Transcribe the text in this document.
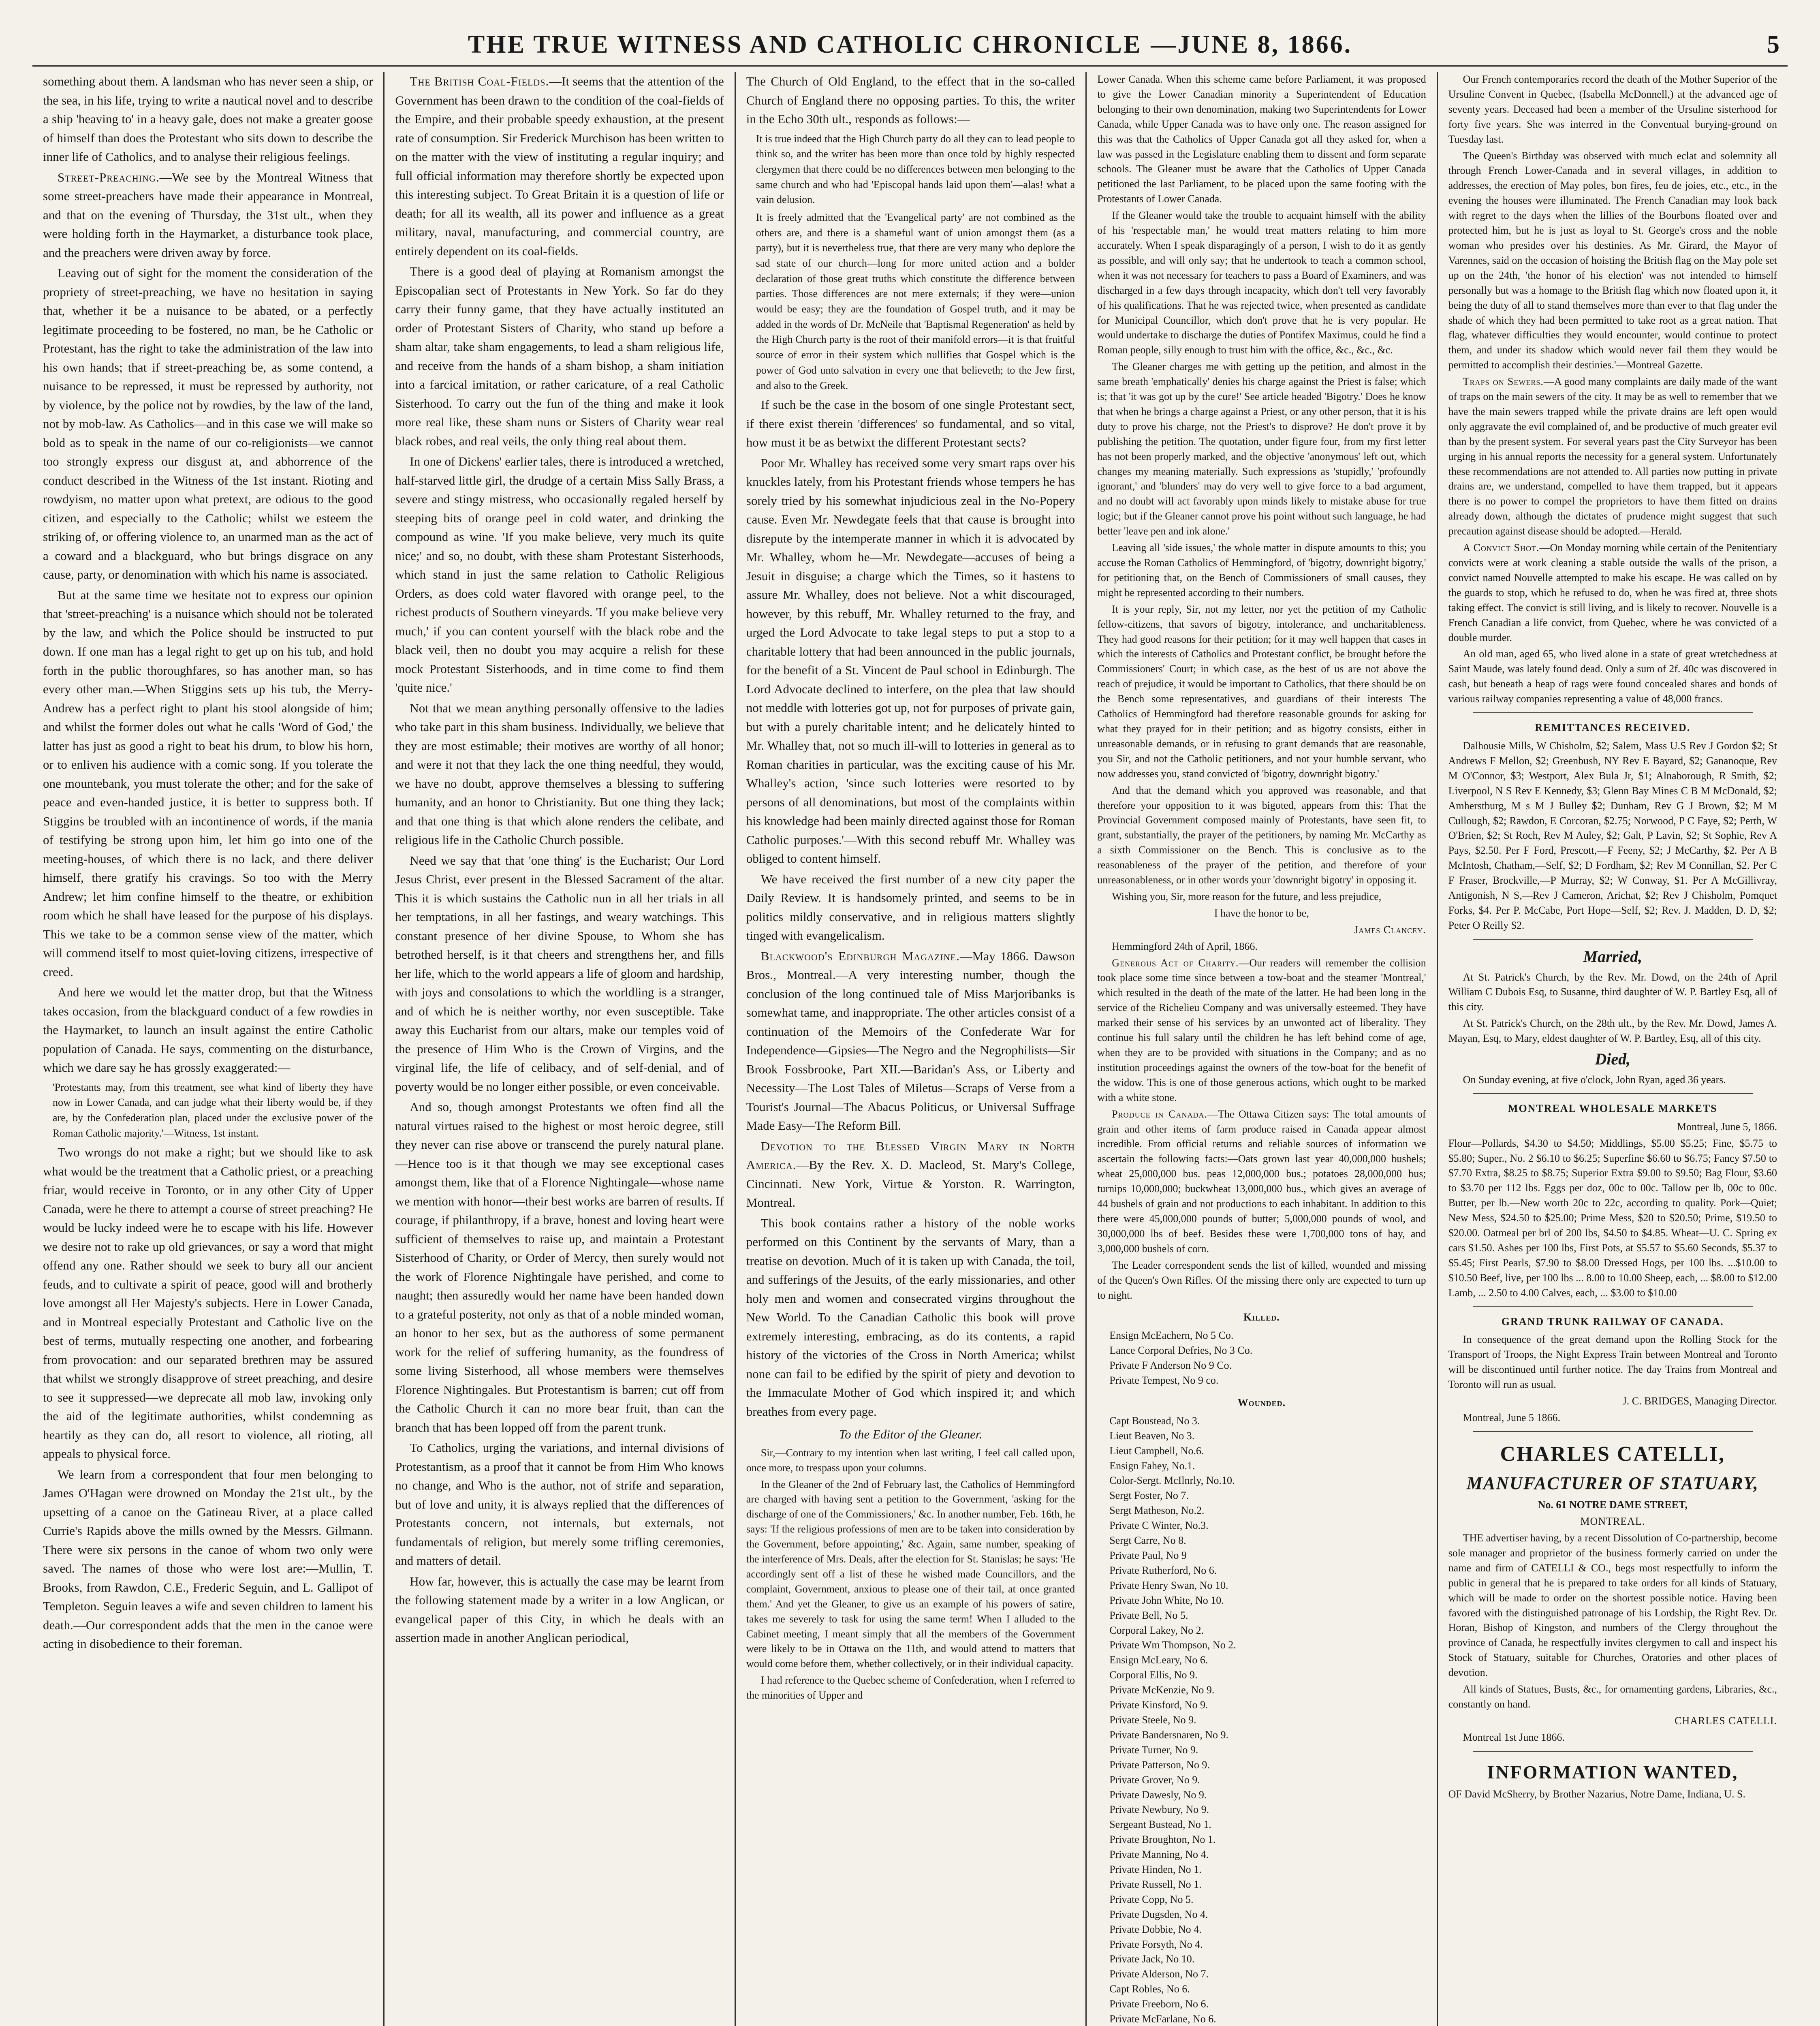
THE TRUE WITNESS AND CATHOLIC CHRONICLE —JUNE 8, 1866.	5

something about them. A landsman who has never seen a ship, or the sea, in his life, trying to write a nautical novel and to describe a ship 'heaving to' in a heavy gale, does not make a greater goose of himself than does the Protestant who sits down to describe the inner life of Catholics, and to analyse their religious feelings.

Street-Preaching.—We see by the Montreal Witness that some street-preachers have made their appearance in Montreal, and that on the evening of Thursday, the 31st ult., when they were holding forth in the Haymarket, a disturbance took place, and the preachers were driven away by force.

Leaving out of sight for the moment the consideration of the propriety of street-preaching, we have no hesitation in saying that, whether it be a nuisance to be abated, or a perfectly legitimate proceeding to be fostered, no man, be he Catholic or Protestant, has the right to take the administration of the law into his own hands; that if street-preaching be, as some contend, a nuisance to be repressed, it must be repressed by authority, not by violence, by the police not by rowdies, by the law of the land, not by mob-law. As Catholics—and in this case we will make so bold as to speak in the name of our co-religionists—we cannot too strongly express our disgust at, and abhorrence of the conduct described in the Witness of the 1st instant. Rioting and rowdyism, no matter upon what pretext, are odious to the good citizen, and especially to the Catholic; whilst we esteem the striking of, or offering violence to, an unarmed man as the act of a coward and a blackguard, who but brings disgrace on any cause, party, or denomination with which his name is associated.

But at the same time we hesitate not to express our opinion that 'street-preaching' is a nuisance which should not be tolerated by the law, and which the Police should be instructed to put down. If one man has a legal right to get up on his tub, and hold forth in the public thoroughfares, so has another man, so has every other man.—When Stiggins sets up his tub, the Merry-Andrew has a perfect right to plant his stool alongside of him; and whilst the former doles out what he calls 'Word of God,' the latter has just as good a right to beat his drum, to blow his horn, or to enliven his audience with a comic song. If you tolerate the one mountebank, you must tolerate the other; and for the sake of peace and even-handed justice, it is better to suppress both. If Stiggins be troubled with an incontinence of words, if the mania of testifying be strong upon him, let him go into one of the meeting-houses, of which there is no lack, and there deliver himself, there gratify his cravings. So too with the Merry Andrew; let him confine himself to the theatre, or exhibition room which he shall have leased for the purpose of his displays. This we take to be a common sense view of the matter, which will commend itself to most quiet-loving citizens, irrespective of creed.

And here we would let the matter drop, but that the Witness takes occasion, from the blackguard conduct of a few rowdies in the Haymarket, to launch an insult against the entire Catholic population of Canada. He says, commenting on the disturbance, which we dare say he has grossly exaggerated:—

'Protestants may, from this treatment, see what kind of liberty they have now in Lower Canada, and can judge what their liberty would be, if they are, by the Confederation plan, placed under the exclusive power of the Roman Catholic majority.'—Witness, 1st instant.

Two wrongs do not make a right; but we should like to ask what would be the treatment that a Catholic priest, or a preaching friar, would receive in Toronto, or in any other City of Upper Canada, were he there to attempt a course of street preaching? He would be lucky indeed were he to escape with his life. However we desire not to rake up old grievances, or say a word that might offend any one. Rather should we seek to bury all our ancient feuds, and to cultivate a spirit of peace, good will and brotherly love amongst all Her Majesty's subjects. Here in Lower Canada, and in Montreal especially Protestant and Catholic live on the best of terms, mutually respecting one another, and forbearing from provocation: and our separated brethren may be assured that whilst we strongly disapprove of street preaching, and desire to see it suppressed—we deprecate all mob law, invoking only the aid of the legitimate authorities, whilst condemning as heartily as they can do, all resort to violence, all rioting, all appeals to physical force.

We learn from a correspondent that four men belonging to James O'Hagan were drowned on Monday the 21st ult., by the upsetting of a canoe on the Gatineau River, at a place called Currie's Rapids above the mills owned by the Messrs. Gilmann. There were six persons in the canoe of whom two only were saved. The names of those who were lost are:—Mullin, T. Brooks, from Rawdon, C.E., Frederic Seguin, and L. Gallipot of Templeton. Seguin leaves a wife and seven children to lament his death.—Our correspondent adds that the men in the canoe were acting in disobedience to their foreman.

The British Coal-Fields.—It seems that the attention of the Government has been drawn to the condition of the coal-fields of the Empire, and their probable speedy exhaustion, at the present rate of consumption. Sir Frederick Murchison has been written to on the matter with the view of instituting a regular inquiry; and full official information may therefore shortly be expected upon this interesting subject. To Great Britain it is a question of life or death; for all its wealth, all its power and influence as a great military, naval, manufacturing, and commercial country, are entirely dependent on its coal-fields.

There is a good deal of playing at Romanism amongst the Episcopalian sect of Protestants in New York. So far do they carry their funny game, that they have actually instituted an order of Protestant Sisters of Charity, who stand up before a sham altar, take sham engagements, to lead a sham religious life, and receive from the hands of a sham bishop, a sham initiation into a farcical imitation, or rather caricature, of a real Catholic Sisterhood. To carry out the fun of the thing and make it look more real like, these sham nuns or Sisters of Charity wear real black robes, and real veils, the only thing real about them.

In one of Dickens' earlier tales, there is introduced a wretched, half-starved little girl, the drudge of a certain Miss Sally Brass, a severe and stingy mistress, who occasionally regaled herself by steeping bits of orange peel in cold water, and drinking the compound as wine. 'If you make believe, very much its quite nice;' and so, no doubt, with these sham Protestant Sisterhoods, which stand in just the same relation to Catholic Religious Orders, as does cold water flavored with orange peel, to the richest products of Southern vineyards. 'If you make believe very much,' if you can content yourself with the black robe and the black veil, then no doubt you may acquire a relish for these mock Protestant Sisterhoods, and in time come to find them 'quite nice.'

Not that we mean anything personally offensive to the ladies who take part in this sham business. Individually, we believe that they are most estimable; their motives are worthy of all honor; and were it not that they lack the one thing needful, they would, we have no doubt, approve themselves a blessing to suffering humanity, and an honor to Christianity. But one thing they lack; and that one thing is that which alone renders the celibate, and religious life in the Catholic Church possible.

Need we say that that 'one thing' is the Eucharist; Our Lord Jesus Christ, ever present in the Blessed Sacrament of the altar. This it is which sustains the Catholic nun in all her trials in all her temptations, in all her fastings, and weary watchings. This constant presence of her divine Spouse, to Whom she has betrothed herself, is it that cheers and strengthens her, and fills her life, which to the world appears a life of gloom and hardship, with joys and consolations to which the worldling is a stranger, and of which he is neither worthy, nor even susceptible. Take away this Eucharist from our altars, make our temples void of the presence of Him Who is the Crown of Virgins, and the virginal life, the life of celibacy, and of self-denial, and of poverty would be no longer either possible, or even conceivable.

And so, though amongst Protestants we often find all the natural virtues raised to the highest or most heroic degree, still they never can rise above or transcend the purely natural plane.—Hence too is it that though we may see exceptional cases amongst them, like that of a Florence Nightingale—whose name we mention with honor—their best works are barren of results. If courage, if philanthropy, if a brave, honest and loving heart were sufficient of themselves to raise up, and maintain a Protestant Sisterhood of Charity, or Order of Mercy, then surely would not the work of Florence Nightingale have perished, and come to naught; then assuredly would her name have been handed down to a grateful posterity, not only as that of a noble minded woman, an honor to her sex, but as the authoress of some permanent work for the relief of suffering humanity, as the foundress of some living Sisterhood, all whose members were themselves Florence Nightingales. But Protestantism is barren; cut off from the Catholic Church it can no more bear fruit, than can the branch that has been lopped off from the parent trunk.

To Catholics, urging the variations, and internal divisions of Protestantism, as a proof that it cannot be from Him Who knows no change, and Who is the author, not of strife and separation, but of love and unity, it is always replied that the differences of Protestants concern, not internals, but externals, not fundamentals of religion, but merely some trifling ceremonies, and matters of detail.

How far, however, this is actually the case may be learnt from the following statement made by a writer in a low Anglican, or evangelical paper of this City, in which he deals with an assertion made in another Anglican periodical,

The Church of Old England, to the effect that in the so-called Church of England there no opposing parties. To this, the writer in the Echo 30th ult., responds as follows:—

It is true indeed that the High Church party do all they can to lead people to think so, and the writer has been more than once told by highly respected clergymen that there could be no differences between men belonging to the same church and who had 'Episcopal hands laid upon them'—alas! what a vain delusion.

It is freely admitted that the 'Evangelical party' are not combined as the others are, and there is a shameful want of union amongst them (as a party), but it is nevertheless true, that there are very many who deplore the sad state of our church—long for more united action and a bolder declaration of those great truths which constitute the difference between parties. Those differences are not mere externals; if they were—union would be easy; they are the foundation of Gospel truth, and it may be added in the words of Dr. McNeile that 'Baptismal Regeneration' as held by the High Church party is the root of their manifold errors—it is that fruitful source of error in their system which nullifies that Gospel which is the power of God unto salvation in every one that believeth; to the Jew first, and also to the Greek.

If such be the case in the bosom of one single Protestant sect, if there exist therein 'differences' so fundamental, and so vital, how must it be as betwixt the different Protestant sects?

Poor Mr. Whalley has received some very smart raps over his knuckles lately, from his Protestant friends whose tempers he has sorely tried by his somewhat injudicious zeal in the No-Popery cause. Even Mr. Newdegate feels that that cause is brought into disrepute by the intemperate manner in which it is advocated by Mr. Whalley, whom he—Mr. Newdegate—accuses of being a Jesuit in disguise; a charge which the Times, so it hastens to assure Mr. Whalley, does not believe. Not a whit discouraged, however, by this rebuff, Mr. Whalley returned to the fray, and urged the Lord Advocate to take legal steps to put a stop to a charitable lottery that had been announced in the public journals, for the benefit of a St. Vincent de Paul school in Edinburgh. The Lord Advocate declined to interfere, on the plea that law should not meddle with lotteries got up, not for purposes of private gain, but with a purely charitable intent; and he delicately hinted to Mr. Whalley that, not so much ill-will to lotteries in general as to Roman charities in particular, was the exciting cause of his Mr. Whalley's action, 'since such lotteries were resorted to by persons of all denominations, but most of the complaints within his knowledge had been mainly directed against those for Roman Catholic purposes.'—With this second rebuff Mr. Whalley was obliged to content himself.

We have received the first number of a new city paper the Daily Review. It is handsomely printed, and seems to be in politics mildly conservative, and in religious matters slightly tinged with evangelicalism.

Blackwood's Edinburgh Magazine.—May 1866. Dawson Bros., Montreal.—A very interesting number, though the conclusion of the long continued tale of Miss Marjoribanks is somewhat tame, and inappropriate. The other articles consist of a continuation of the Memoirs of the Confederate War for Independence—Gipsies—The Negro and the Negrophilists—Sir Brook Fossbrooke, Part XII.—Baridan's Ass, or Liberty and Necessity—The Lost Tales of Miletus—Scraps of Verse from a Tourist's Journal—The Abacus Politicus, or Universal Suffrage Made Easy—The Reform Bill.

Devotion to the Blessed Virgin Mary in North America.—By the Rev. X. D. Macleod, St. Mary's College, Cincinnati. New York, Virtue & Yorston. R. Warrington, Montreal.

This book contains rather a history of the noble works performed on this Continent by the servants of Mary, than a treatise on devotion. Much of it is taken up with Canada, the toil, and sufferings of the Jesuits, of the early missionaries, and other holy men and women and consecrated virgins throughout the New World. To the Canadian Catholic this book will prove extremely interesting, embracing, as do its contents, a rapid history of the victories of the Cross in North America; whilst none can fail to be edified by the spirit of piety and devotion to the Immaculate Mother of God which inspired it; and which breathes from every page.

To the Editor of the Gleaner.

Sir,—Contrary to my intention when last writing, I feel call called upon, once more, to trespass upon your columns.

In the Gleaner of the 2nd of February last, the Catholics of Hemmingford are charged with having sent a petition to the Government, 'asking for the discharge of one of the Commissioners,' &c. In another number, Feb. 16th, he says: 'If the religious professions of men are to be taken into consideration by the Government, before appointing,' &c. Again, same number, speaking of the interference of Mrs. Deals, after the election for St. Stanislas; he says: 'He accordingly sent off a list of these he wished made Councillors, and the complaint, Government, anxious to please one of their tail, at once granted them.' And yet the Gleaner, to give us an example of his powers of satire, takes me severely to task for using the same term! When I alluded to the Cabinet meeting, I meant simply that all the members of the Government were likely to be in Ottawa on the 11th, and would attend to matters that would come before them, whether collectively, or in their individual capacity.

I had reference to the Quebec scheme of Confederation, when I referred to the minorities of Upper and

Lower Canada. When this scheme came before Parliament, it was proposed to give the Lower Canadian minority a Superintendent of Education belonging to their own denomination, making two Superintendents for Lower Canada, while Upper Canada was to have only one. The reason assigned for this was that the Catholics of Upper Canada got all they asked for, when a law was passed in the Legislature enabling them to dissent and form separate schools. The Gleaner must be aware that the Catholics of Upper Canada petitioned the last Parliament, to be placed upon the same footing with the Protestants of Lower Canada.

If the Gleaner would take the trouble to acquaint himself with the ability of his 'respectable man,' he would treat matters relating to him more accurately. When I speak disparagingly of a person, I wish to do it as gently as possible, and will only say; that he undertook to teach a common school, when it was not necessary for teachers to pass a Board of Examiners, and was discharged in a few days through incapacity, which don't tell very favorably of his qualifications. That he was rejected twice, when presented as candidate for Municipal Councillor, which don't prove that he is very popular. He would undertake to discharge the duties of Pontifex Maximus, could he find a Roman people, silly enough to trust him with the office, &c., &c., &c.

The Gleaner charges me with getting up the petition, and almost in the same breath 'emphatically' denies his charge against the Priest is false; which is; that 'it was got up by the cure!' See article headed 'Bigotry.' Does he know that when he brings a charge against a Priest, or any other person, that it is his duty to prove his charge, not the Priest's to disprove? He don't prove it by publishing the petition. The quotation, under figure four, from my first letter has not been properly marked, and the objective 'anonymous' left out, which changes my meaning materially. Such expressions as 'stupidly,' 'profoundly ignorant,' and 'blunders' may do very well to give force to a bad argument, and no doubt will act favorably upon minds likely to mistake abuse for true logic; but if the Gleaner cannot prove his point without such language, he had better 'leave pen and ink alone.'

Leaving all 'side issues,' the whole matter in dispute amounts to this; you accuse the Roman Catholics of Hemmingford, of 'bigotry, downright bigotry,' for petitioning that, on the Bench of Commissioners of small causes, they might be represented according to their numbers.

It is your reply, Sir, not my letter, nor yet the petition of my Catholic fellow-citizens, that savors of bigotry, intolerance, and uncharitableness. They had good reasons for their petition; for it may well happen that cases in which the interests of Catholics and Protestant conflict, be brought before the Commissioners' Court; in which case, as the best of us are not above the reach of prejudice, it would be important to Catholics, that there should be on the Bench some representatives, and guardians of their interests The Catholics of Hemmingford had therefore reasonable grounds for asking for what they prayed for in their petition; and as bigotry consists, either in unreasonable demands, or in refusing to grant demands that are reasonable, you Sir, and not the Catholic petitioners, and not your humble servant, who now addresses you, stand convicted of 'bigotry, downright bigotry.'

And that the demand which you approved was reasonable, and that therefore your opposition to it was bigoted, appears from this: That the Provincial Government composed mainly of Protestants, have seen fit, to grant, substantially, the prayer of the petitioners, by naming Mr. McCarthy as a sixth Commissioner on the Bench. This is conclusive as to the reasonableness of the prayer of the petition, and therefore of your unreasonableness, or in other words your 'downright bigotry' in opposing it.

Wishing you, Sir, more reason for the future, and less prejudice,

I have the honor to be,

James Clancey.

Hemmingford 24th of April, 1866.

Generous Act of Charity.—Our readers will remember the collision took place some time since between a tow-boat and the steamer 'Montreal,' which resulted in the death of the mate of the latter. He had been long in the service of the Richelieu Company and was universally esteemed. They have marked their sense of his services by an unwonted act of liberality. They continue his full salary until the children he has left behind come of age, when they are to be provided with situations in the Company; and as no institution proceedings against the owners of the tow-boat for the benefit of the widow. This is one of those generous actions, which ought to be marked with a white stone.

Produce in Canada.—The Ottawa Citizen says: The total amounts of grain and other items of farm produce raised in Canada appear almost incredible. From official returns and reliable sources of information we ascertain the following facts:—Oats grown last year 40,000,000 bushels; wheat 25,000,000 bus. peas 12,000,000 bus.; potatoes 28,000,000 bus; turnips 10,000,000; buckwheat 13,000,000 bus., which gives an average of 44 bushels of grain and not productions to each inhabitant. In addition to this there were 45,000,000 pounds of butter; 5,000,000 pounds of wool, and 30,000,000 lbs of beef. Besides these were 1,700,000 tons of hay, and 3,000,000 bushels of corn.

The Leader correspondent sends the list of killed, wounded and missing of the Queen's Own Rifles. Of the missing there only are expected to turn up to night.

Killed.

Ensign McEachern, No 5 Co.
Lance Corporal Defries, No 3 Co.
Private F Anderson No 9 Co.
Private Tempest, No 9 co.

Wounded.

Capt Boustead, No 3.
Lieut Beaven, No 3.
Lieut Campbell, No.6.
Ensign Fahey, No.1.
Color-Sergt. McIlnrly, No.10.
Sergt Foster, No 7.
Sergt Matheson, No.2.
Private C Winter, No.3.
Sergt Carre, No 8.
Private Paul, No 9
Private Rutherford, No 6.
Private Henry Swan, No 10.
Private John White, No 10.
Private Bell, No 5.
Corporal Lakey, No 2.
Private Wm Thompson, No 2.
Ensign McLeary, No 6.
Corporal Ellis, No 9.
Private McKenzie, No 9.
Private Kinsford, No 9.
Private Steele, No 9.
Private Bandersnaren, No 9.
Private Turner, No 9.
Private Patterson, No 9.
Private Grover, No 9.
Private Dawesly, No 9.
Private Newbury, No 9.
Sergeant Bustead, No 1.
Private Broughton, No 1.
Private Manning, No 4.
Private Hinden, No 1.
Private Russell, No 1.
Private Copp, No 5.
Private Dugsden, No 4.
Private Dobbie, No 4.
Private Forsyth, No 4.
Private Jack, No 10.
Private Alderson, No 7.
Capt Robles, No 6.
Private Freeborn, No 6.
Private McFarlane, No 6.

Our French contemporaries record the death of the Mother Superior of the Ursuline Convent in Quebec, (Isabella McDonnell,) at the advanced age of seventy years. Deceased had been a member of the Ursuline sisterhood for forty five years. She was interred in the Conventual burying-ground on Tuesday last.

The Queen's Birthday was observed with much eclat and solemnity all through French Lower-Canada and in several villages, in addition to addresses, the erection of May poles, bon fires, feu de joies, etc., etc., in the evening the houses were illuminated. The French Canadian may look back with regret to the days when the lillies of the Bourbons floated over and protected him, but he is just as loyal to St. George's cross and the noble woman who presides over his destinies. As Mr. Girard, the Mayor of Varennes, said on the occasion of hoisting the British flag on the May pole set up on the 24th, 'the honor of his election' was not intended to himself personally but was a homage to the British flag which now floated upon it, it being the duty of all to stand themselves more than ever to that flag under the shade of which they had been permitted to take root as a great nation. That flag, whatever difficulties they would encounter, would continue to protect them, and under its shadow which would never fail them they would be permitted to accomplish their destinies.'—Montreal Gazette.

Traps on Sewers.—A good many complaints are daily made of the want of traps on the main sewers of the city. It may be as well to remember that we have the main sewers trapped while the private drains are left open would only aggravate the evil complained of, and be productive of much greater evil than by the present system. For several years past the City Surveyor has been urging in his annual reports the necessity for a general system. Unfortunately these recommendations are not attended to. All parties now putting in private drains are, we understand, compelled to have them trapped, but it appears there is no power to compel the proprietors to have them fitted on drains already down, although the dictates of prudence might suggest that such precaution against disease should be adopted.—Herald.

A Convict Shot.—On Monday morning while certain of the Penitentiary convicts were at work cleaning a stable outside the walls of the prison, a convict named Nouvelle attempted to make his escape. He was called on by the guards to stop, which he refused to do, when he was fired at, three shots taking effect. The convict is still living, and is likely to recover. Nouvelle is a French Canadian a life convict, from Quebec, where he was convicted of a double murder.

An old man, aged 65, who lived alone in a state of great wretchedness at Saint Maude, was lately found dead. Only a sum of 2f. 40c was discovered in cash, but beneath a heap of rags were found concealed shares and bonds of various railway companies representing a value of 48,000 francs.

REMITTANCES RECEIVED.

Dalhousie Mills, W Chisholm, $2; Salem, Mass U.S Rev J Gordon $2; St Andrews F Mellon, $2; Greenbush, NY Rev E Bayard, $2; Gananoque, Rev M O'Connor, $3; Westport, Alex Bula Jr, $1; Alnaborough, R Smith, $2; Liverpool, N S Rev E Kennedy, $3; Glenn Bay Mines C B M McDonald, $2; Amherstburg, M s M J Bulley $2; Dunham, Rev G J Brown, $2; M M Cullough, $2; Rawdon, E Corcoran, $2.75; Norwood, P C Faye, $2; Perth, W O'Brien, $2; St Roch, Rev M Auley, $2; Galt, P Lavin, $2; St Sophie, Rev A Pays, $2.50. Per F Ford, Prescott,—F Feeny, $2; J McCarthy, $2. Per A B McIntosh, Chatham,—Self, $2; D Fordham, $2; Rev M Connillan, $2. Per C F Fraser, Brockville,—P Murray, $2; W Conway, $1. Per A McGillivray, Antigonish, N S,—Rev J Cameron, Arichat, $2; Rev J Chisholm, Pomquet Forks, $4. Per P. McCabe, Port Hope—Self, $2; Rev. J. Madden, D. D, $2; Peter O Reilly $2.

Married,

At St. Patrick's Church, by the Rev. Mr. Dowd, on the 24th of April William C Dubois Esq, to Susanne, third daughter of W. P. Bartley Esq, all of this city.

At St. Patrick's Church, on the 28th ult., by the Rev. Mr. Dowd, James A. Mayan, Esq, to Mary, eldest daughter of W. P. Bartley, Esq, all of this city.

Died,

On Sunday evening, at five o'clock, John Ryan, aged 36 years.

MONTREAL WHOLESALE MARKETS

Montreal, June 5, 1866.

Flour—Pollards, $4.30 to $4.50; Middlings, $5.00 $5.25; Fine, $5.75 to $5.80; Super., No. 2 $6.10 to $6.25; Superfine $6.60 to $6.75; Fancy $7.50 to $7.70 Extra, $8.25 to $8.75; Superior Extra $9.00 to $9.50; Bag Flour, $3.60 to $3.70 per 112 lbs. Eggs per doz, 00c to 00c. Tallow per lb, 00c to 00c. Butter, per lb.—New worth 20c to 22c, according to quality. Pork—Quiet; New Mess, $24.50 to $25.00; Prime Mess, $20 to $20.50; Prime, $19.50 to $20.00. Oatmeal per brl of 200 lbs, $4.50 to $4.85. Wheat—U. C. Spring ex cars $1.50. Ashes per 100 lbs, First Pots, at $5.57 to $5.60 Seconds, $5.37 to $5.45; First Pearls, $7.90 to $8.00 Dressed Hogs, per 100 lbs. ...$10.00 to $10.50 Beef, live, per 100 lbs ... 8.00 to 10.00 Sheep, each, ... $8.00 to $12.00 Lamb, ... 2.50 to 4.00 Calves, each, ... $3.00 to $10.00

GRAND TRUNK RAILWAY OF CANADA.

In consequence of the great demand upon the Rolling Stock for the Transport of Troops, the Night Express Train between Montreal and Toronto will be discontinued until further notice. The day Trains from Montreal and Toronto will run as usual.

J. C. BRIDGES, Managing Director.

Montreal, June 5 1866.

CHARLES CATELLI,
MANUFACTURER OF STATUARY,

No. 61 NOTRE DAME STREET,

MONTREAL.

THE advertiser having, by a recent Dissolution of Co-partnership, become sole manager and proprietor of the business formerly carried on under the name and firm of CATELLI & CO., begs most respectfully to inform the public in general that he is prepared to take orders for all kinds of Statuary, which will be made to order on the shortest possible notice. Having been favored with the distinguished patronage of his Lordship, the Right Rev. Dr. Horan, Bishop of Kingston, and numbers of the Clergy throughout the province of Canada, he respectfully invites clergymen to call and inspect his Stock of Statuary, suitable for Churches, Oratories and other places of devotion.

All kinds of Statues, Busts, &c., for ornamenting gardens, Libraries, &c., constantly on hand.

CHARLES CATELLI.

Montreal 1st June 1866.

INFORMATION WANTED,

OF David McSherry, by Brother Nazarius, Notre Dame, Indiana, U. S.
